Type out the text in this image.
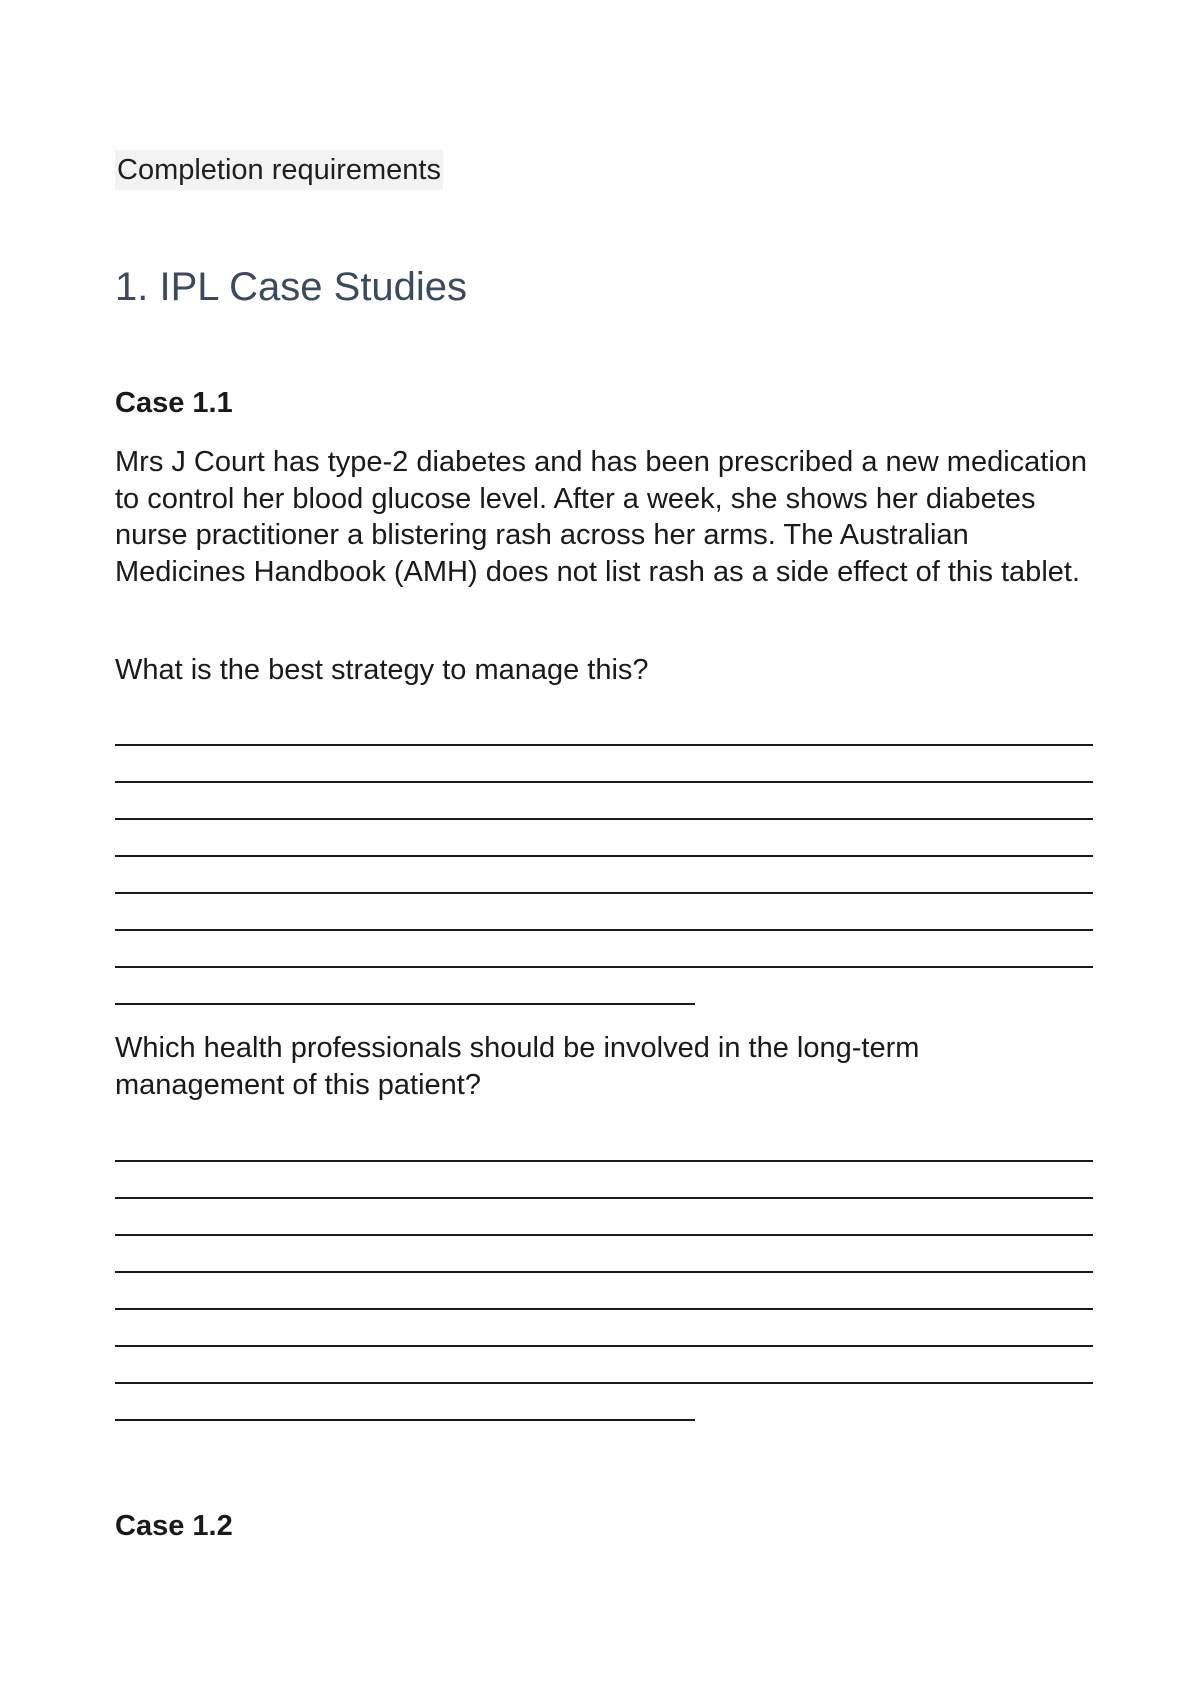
Completion requirements
1. IPL Case Studies
Case 1.1

Mrs J Court has type-2 diabetes and has been prescribed a new medication to control her blood glucose level. After a week, she shows her diabetes nurse practitioner a blistering rash across her arms. The Australian Medicines Handbook (AMH) does not list rash as a side effect of this tablet.

What is the best strategy to manage this?

Which health professionals should be involved in the long-term management of this patient?

Case 1.2
